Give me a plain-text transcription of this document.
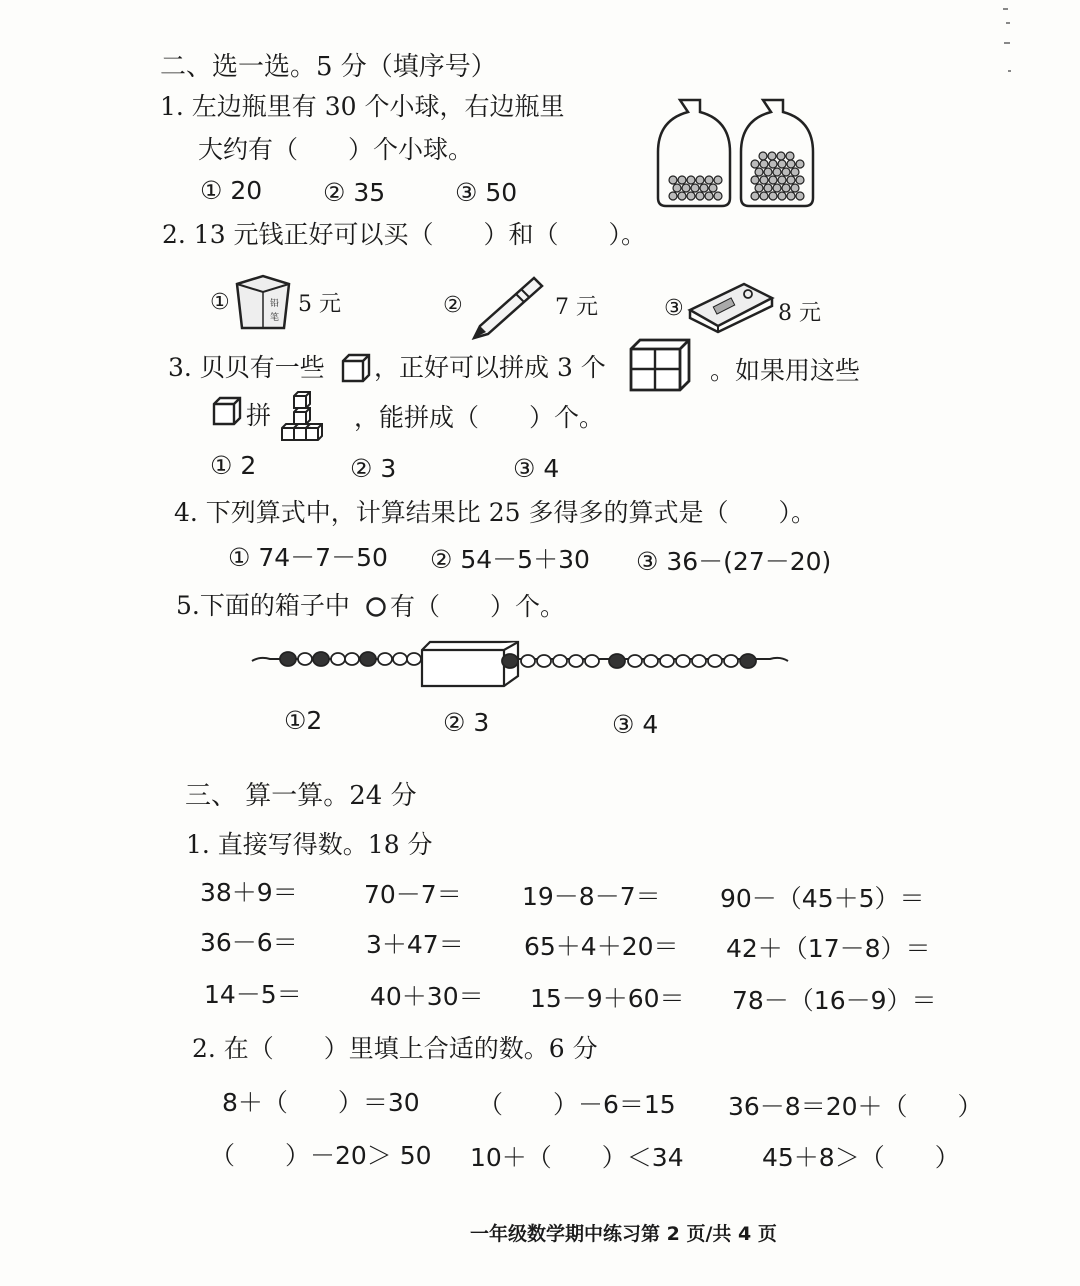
二、选一选。5 分（填序号）
1. 左边瓶里有 30 个小球，右边瓶里
大约有（　　）个小球。
① 20 ② 35	③ 50
2. 13 元钱正好可以买（　　）和（　　）。
①	铅
笔
5 元	②	7 元	③	8 元
3. 贝贝有一些 ，正好可以拼成 3 个	。如果用这些
拼	，能拼成（　　）个。
① 2	② 3	③ 4
4. 下列算式中，计算结果比 25 多得多的算式是（　　）。
① 74－7－50 ② 54－5＋30 ③ 36－(27－20)
5.下面的箱子中 有（　　）个。
①2	② 3	③ 4
三、 算一算。24 分
1. 直接写得数。18 分
38＋9＝	70－7＝ 19－8－7＝ 90－（45＋5）＝
36－6＝	3＋47＝ 65＋4＋20＝ 42＋（17－8）＝
14－5＝	40＋30＝ 15－9＋60＝ 78－（16－9）＝
2. 在（　　）里填上合适的数。6 分
8＋（　　）＝30 （　　）－6＝15 36－8＝20＋（　　）
（　　）－20＞ 50 10＋（　　）＜34	45＋8＞（　　）
一年级数学期中练习第 2 页/共 4 页
